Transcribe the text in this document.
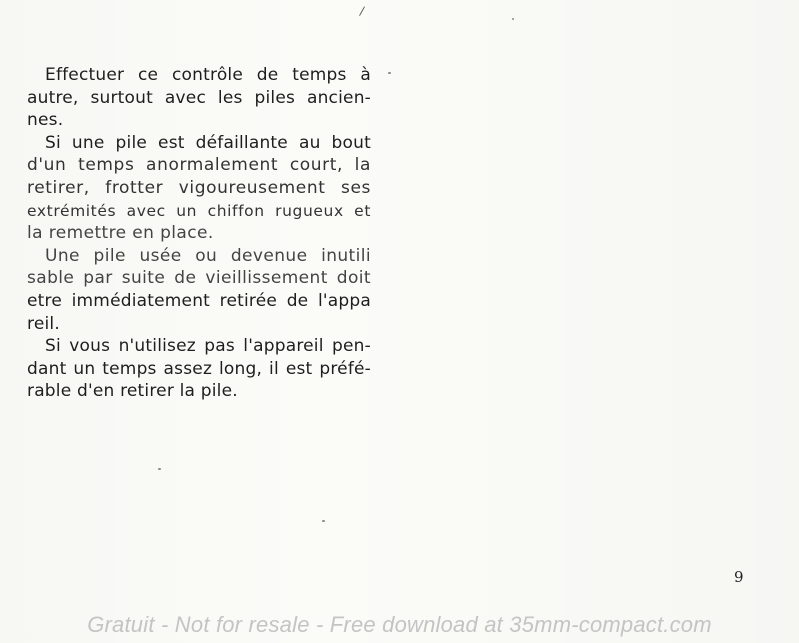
/
Effectuer ce contrôle de temps à
autre, surtout avec les piles ancien-
nes.
Si une pile est défaillante au bout
d'un temps anormalement court, la
retirer, frotter vigoureusement ses
extrémités avec un chiffon rugueux et
la remettre en place.
Une pile usée ou devenue inutili
sable par suite de vieillissement doit
etre immédiatement retirée de l'appa
reil.
Si vous n'utilisez pas l'appareil pen-
dant un temps assez long, il est préfé-
rable d'en retirer la pile.
9
Gratuit - Not for resale - Free download at 35mm-compact.com
